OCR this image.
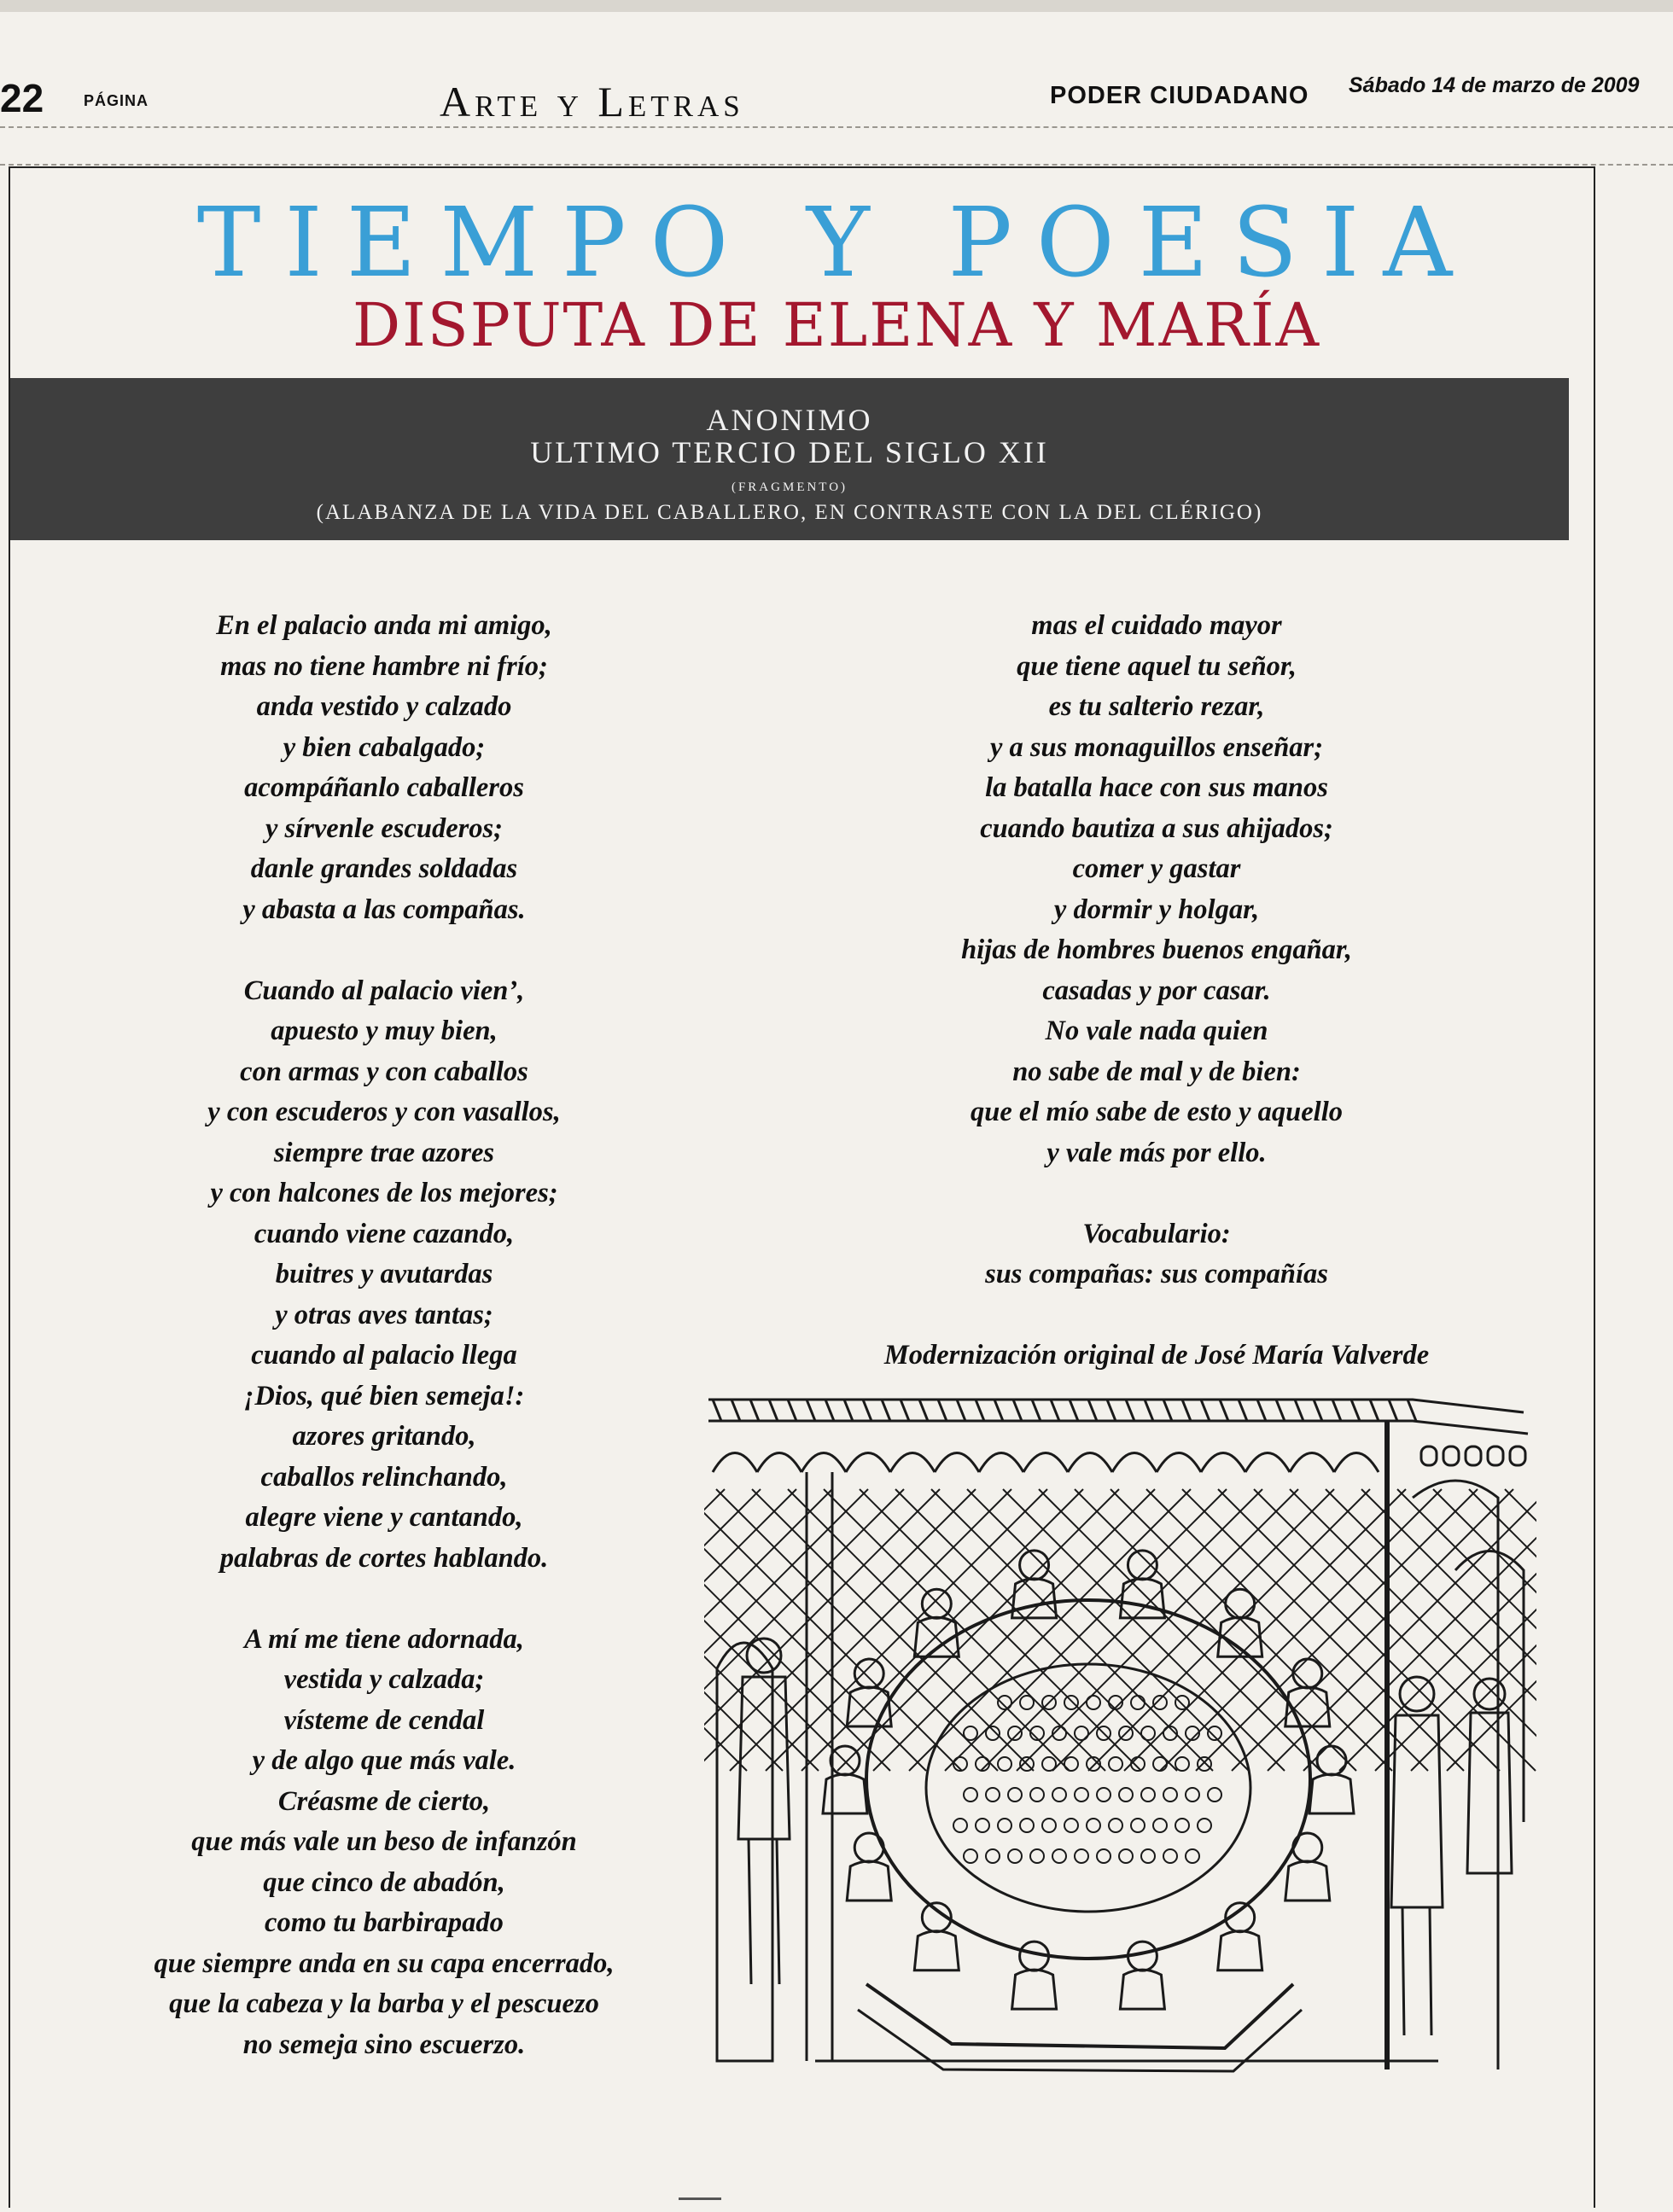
22	PÁGINA	Arte y Letras	PODER CIUDADANO Sábado 14 de marzo de 2009
TIEMPO Y POESIA
DISPUTA DE ELENA Y MARÍA
ANONIMO
ULTIMO TERCIO DEL SIGLO XII
(FRAGMENTO)
(ALABANZA DE LA VIDA DEL CABALLERO, EN CONTRASTE CON LA DEL CLÉRIGO)
En el palacio anda mi amigo,
mas no tiene hambre ni frío;
anda vestido y calzado
y bien cabalgado;
acompáñanlo caballeros
y sírvenle escuderos;
danle grandes soldadas
y abasta a las compañas.
Cuando al palacio vien’,
apuesto y muy bien,
con armas y con caballos
y con escuderos y con vasallos,
siempre trae azores
y con halcones de los mejores;
cuando viene cazando,
buitres y avutardas
y otras aves tantas;
cuando al palacio llega
¡Dios, qué bien semeja!:
azores gritando,
caballos relinchando,
alegre viene y cantando,
palabras de cortes hablando.
A mí me tiene adornada,
vestida y calzada;
vísteme de cendal
y de algo que más vale.
Créasme de cierto,
que más vale un beso de infanzón
que cinco de abadón,
como tu barbirapado
que siempre anda en su capa encerrado,
que la cabeza y la barba y el pescuezo
no semeja sino escuerzo.
mas el cuidado mayor
que tiene aquel tu señor,
es tu salterio rezar,
y a sus monaguillos enseñar;
la batalla hace con sus manos
cuando bautiza a sus ahijados;
comer y gastar
y dormir y holgar,
hijas de hombres buenos engañar,
casadas y por casar.
No vale nada quien
no sabe de mal y de bien:
que el mío sabe de esto y aquello
y vale más por ello.
Vocabulario:
sus compañas: sus compañías
Modernización original de José María Valverde
